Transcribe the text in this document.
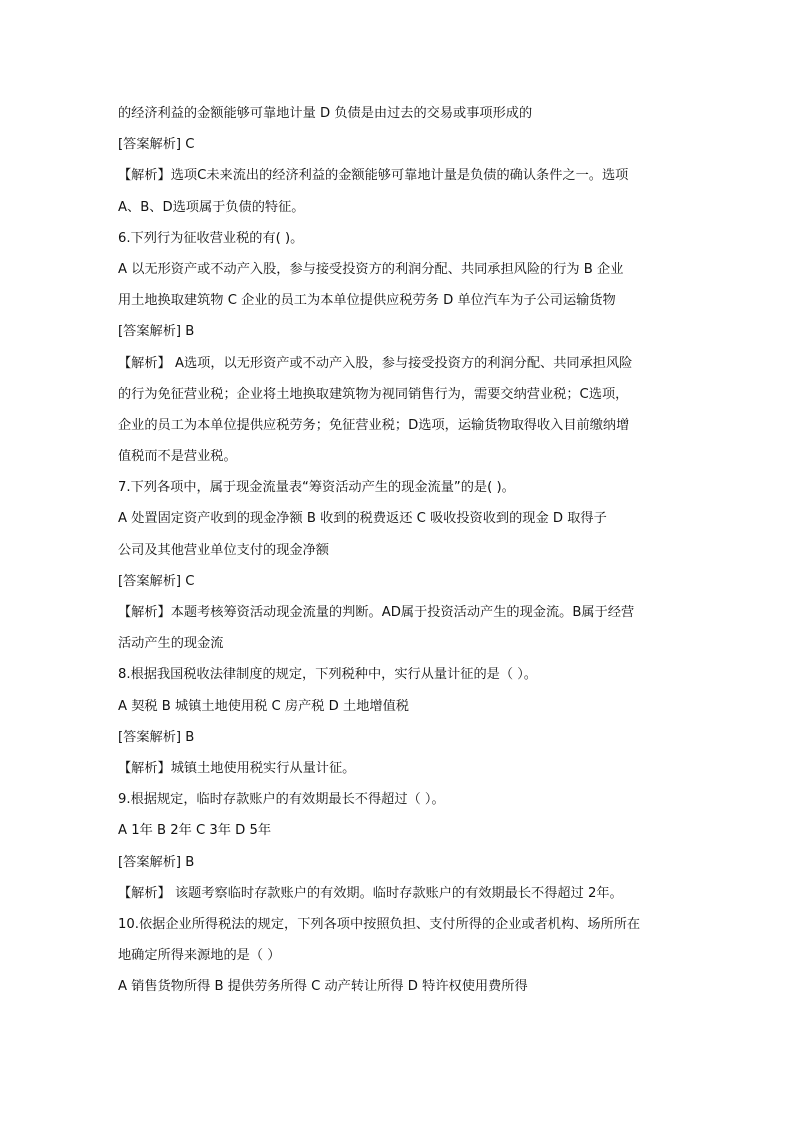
的经济利益的金额能够可靠地计量 D 负债是由过去的交易或事项形成的
[答案解析] C
【解析】选项C未来流出的经济利益的金额能够可靠地计量是负债的确认条件之一。选项
A、B、D选项属于负债的特征。
6.下列行为征收营业税的有( )。
A 以无形资产或不动产入股，参与接受投资方的利润分配、共同承担风险的行为 B 企业
用土地换取建筑物 C 企业的员工为本单位提供应税劳务 D 单位汽车为子公司运输货物
[答案解析] B
【解析】 A选项，以无形资产或不动产入股，参与接受投资方的利润分配、共同承担风险
的行为免征营业税；企业将土地换取建筑物为视同销售行为，需要交纳营业税；C选项，
企业的员工为本单位提供应税劳务；免征营业税；D选项，运输货物取得收入目前缴纳增
值税而不是营业税。
7.下列各项中，属于现金流量表“筹资活动产生的现金流量”的是( )。
A 处置固定资产收到的现金净额 B 收到的税费返还 C 吸收投资收到的现金 D 取得子
公司及其他营业单位支付的现金净额
[答案解析] C
【解析】本题考核筹资活动现金流量的判断。AD属于投资活动产生的现金流。B属于经营
活动产生的现金流
8.根据我国税收法律制度的规定，下列税种中，实行从量计征的是（ ）。
A 契税 B 城镇土地使用税 C 房产税 D 土地增值税
[答案解析] B
【解析】城镇土地使用税实行从量计征。
9.根据规定，临时存款账户的有效期最长不得超过（ ）。
A 1年 B 2年 C 3年 D 5年
[答案解析] B
【解析】 该题考察临时存款账户的有效期。临时存款账户的有效期最长不得超过 2年。
10.依据企业所得税法的规定，下列各项中按照负担、支付所得的企业或者机构、场所所在
地确定所得来源地的是（ ）
A 销售货物所得 B 提供劳务所得 C 动产转让所得 D 特许权使用费所得
